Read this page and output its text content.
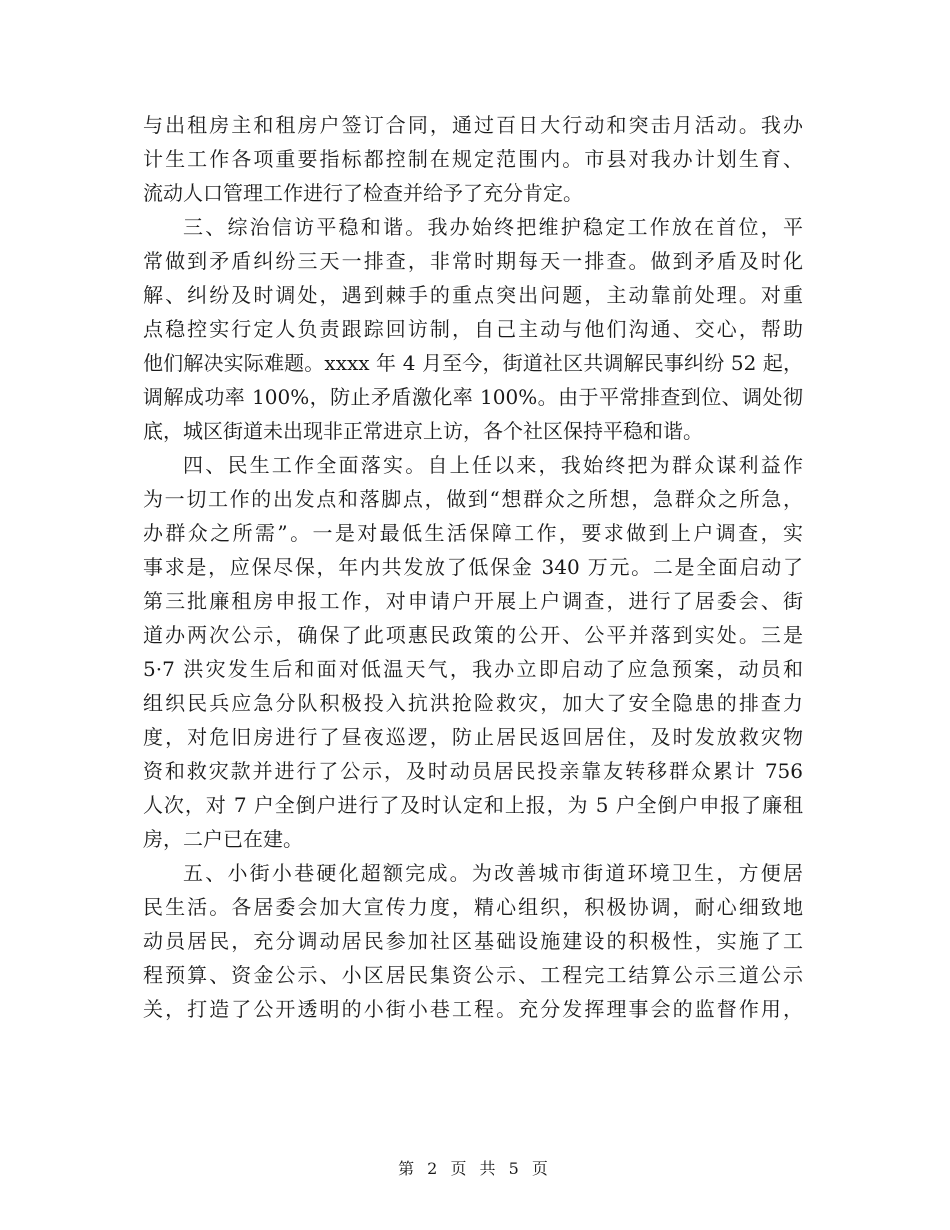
与出租房主和租房户签订合同，通过百日大行动和突击月活动。我办
计生工作各项重要指标都控制在规定范围内。市县对我办计划生育、
流动人口管理工作进行了检查并给予了充分肯定。
三、综治信访平稳和谐。我办始终把维护稳定工作放在首位，平
常做到矛盾纠纷三天一排查，非常时期每天一排查。做到矛盾及时化
解、纠纷及时调处，遇到棘手的重点突出问题，主动靠前处理。对重
点稳控实行定人负责跟踪回访制，自己主动与他们沟通、交心，帮助
他们解决实际难题。xxxx 年 4 月至今，街道社区共调解民事纠纷 52 起，
调解成功率 100%，防止矛盾激化率 100%。由于平常排查到位、调处彻
底，城区街道未出现非正常进京上访，各个社区保持平稳和谐。
四、民生工作全面落实。自上任以来，我始终把为群众谋利益作
为一切工作的出发点和落脚点，做到“想群众之所想，急群众之所急，
办群众之所需”。一是对最低生活保障工作，要求做到上户调查，实
事求是，应保尽保，年内共发放了低保金 340 万元。二是全面启动了
第三批廉租房申报工作，对申请户开展上户调查，进行了居委会、街
道办两次公示，确保了此项惠民政策的公开、公平并落到实处。三是
5·7 洪灾发生后和面对低温天气，我办立即启动了应急预案，动员和
组织民兵应急分队积极投入抗洪抢险救灾，加大了安全隐患的排查力
度，对危旧房进行了昼夜巡逻，防止居民返回居住，及时发放救灾物
资和救灾款并进行了公示，及时动员居民投亲靠友转移群众累计 756
人次，对 7 户全倒户进行了及时认定和上报，为 5 户全倒户申报了廉租
房，二户已在建。
五、小街小巷硬化超额完成。为改善城市街道环境卫生，方便居
民生活。各居委会加大宣传力度，精心组织，积极协调，耐心细致地
动员居民，充分调动居民参加社区基础设施建设的积极性，实施了工
程预算、资金公示、小区居民集资公示、工程完工结算公示三道公示
关，打造了公开透明的小街小巷工程。充分发挥理事会的监督作用，
第 2 页 共 5 页
